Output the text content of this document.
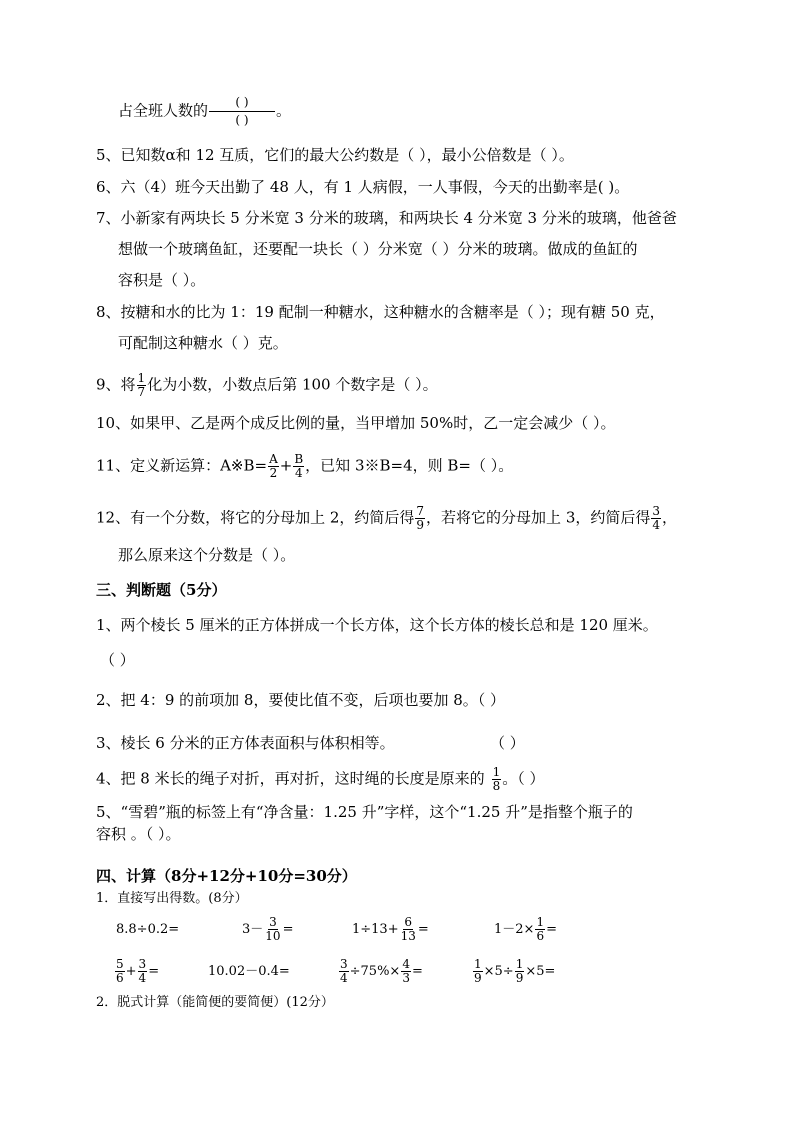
占全班人数的 $\frac{( )}{( )}$ 。
5、已知数α和 12 互质，它们的最大公约数是（ ），最小公倍数是（ ）。
6、六（4）班今天出勤了 48 人，有 1 人病假，一人事假，今天的出勤率是( )。
7、小新家有两块长 5 分米宽 3 分米的玻璃，和两块长 4 分米宽 3 分米的玻璃，他爸爸
想做一个玻璃鱼缸，还要配一块长（ ）分米宽（ ）分米的玻璃。做成的鱼缸的
容积是（ ）。
8、按糖和水的比为 1：19 配制一种糖水，这种糖水的含糖率是（ ）；现有糖 50 克，
可配制这种糖水（ ）克。
9、将 $\frac{1}{7}$ 化为小数，小数点后第 100 个数字是（ ）。
10、如果甲、乙是两个成反比例的量，当甲增加 50%时，乙一定会减少（ ）。
11、定义新运算：A※B= $\frac{A}{2} + \frac{B}{4}$ ，已知 3※B=4，则 B=（ ）。
12、有一个分数，将它的分母加上 2，约简后得 $\frac{7}{9}$ ，若将它的分母加上 3，约简后得 $\frac{3}{4}$ ，
那么原来这个分数是（ ）。
三、判断题（5分）
1、两个棱长 5 厘米的正方体拼成一个长方体，这个长方体的棱长总和是 120 厘米。
（ ）
2、把 4：9 的前项加 8，要使比值不变，后项也要加 8。（ ）
3、棱长 6 分米的正方体表面积与体积相等。	（ ）
4、把 8 米长的绳子对折，再对折，这时绳的长度是原来的 $\frac{1}{8}$ 。（ ）
5、“雪碧”瓶的标签上有“净含量：1.25 升”字样，这个“1.25 升”是指整个瓶子的
容积 。（ ）。
四、计算（8分+12分+10分=30分）
1．直接写出得数。(8分）
8.8÷0.2=	$3- \frac{3}{10}$ =	$1\div 13+ \frac{6}{13}$ =	$1-2\times \frac{1}{6}$ =
$\frac{5}{6} + \frac{3}{4}$ =	10.02－0.4=	$\frac{3}{4} \div 75\%\times \frac{4}{3}$ =	$\frac{1}{9} \times 5\div \frac{1}{9} \times 5=$
2．脱式计算（能简便的要简便）(12分）
